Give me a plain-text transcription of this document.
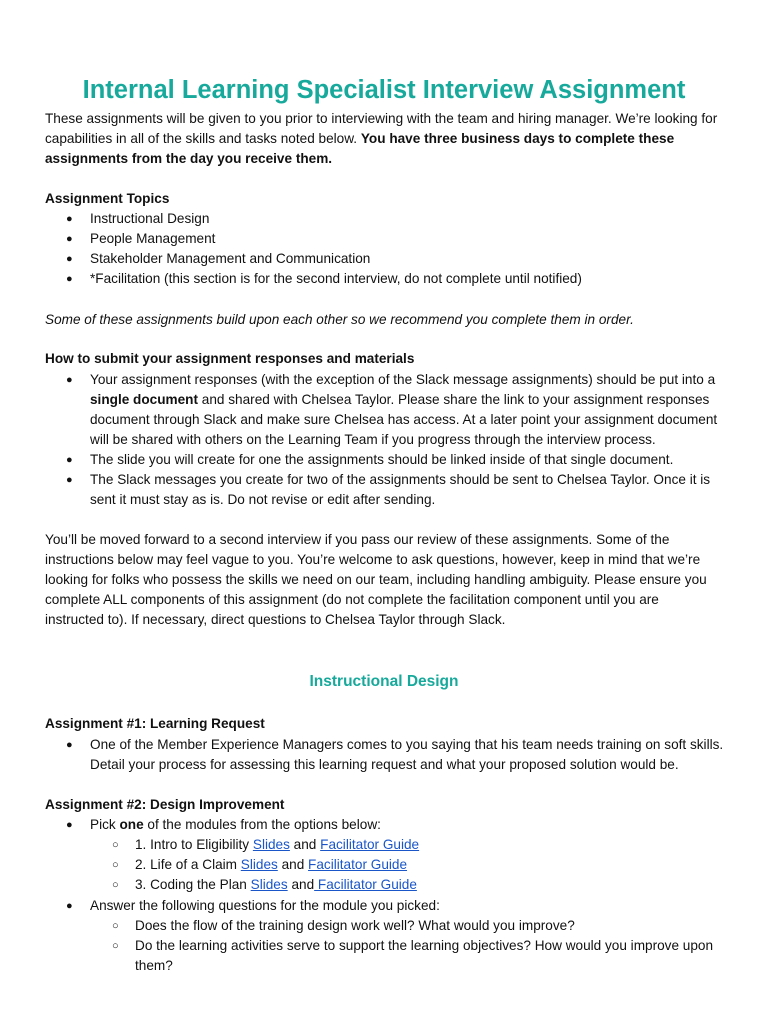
Internal Learning Specialist Interview Assignment
These assignments will be given to you prior to interviewing with the team and hiring manager. We’re looking for
capabilities in all of the skills and tasks noted below. You have three business days to complete these
assignments from the day you receive them.
Assignment Topics
● Instructional Design
● People Management
● Stakeholder Management and Communication
● *Facilitation (this section is for the second interview, do not complete until notified)
Some of these assignments build upon each other so we recommend you complete them in order.
How to submit your assignment responses and materials
● Your assignment responses (with the exception of the Slack message assignments) should be put into a
single document and shared with Chelsea Taylor. Please share the link to your assignment responses
document through Slack and make sure Chelsea has access. At a later point your assignment document
will be shared with others on the Learning Team if you progress through the interview process.
● The slide you will create for one the assignments should be linked inside of that single document.
● The Slack messages you create for two of the assignments should be sent to Chelsea Taylor. Once it is
sent it must stay as is. Do not revise or edit after sending.
You’ll be moved forward to a second interview if you pass our review of these assignments. Some of the
instructions below may feel vague to you. You’re welcome to ask questions, however, keep in mind that we’re
looking for folks who possess the skills we need on our team, including handling ambiguity. Please ensure you
complete ALL components of this assignment (do not complete the facilitation component until you are
instructed to). If necessary, direct questions to Chelsea Taylor through Slack.
Instructional Design
Assignment #1: Learning Request
● One of the Member Experience Managers comes to you saying that his team needs training on soft skills.
Detail your process for assessing this learning request and what your proposed solution would be.
Assignment #2: Design Improvement
● Pick one of the modules from the options below:
○ 1. Intro to Eligibility Slides and Facilitator Guide
○ 2. Life of a Claim Slides and Facilitator Guide
○ 3. Coding the Plan Slides and Facilitator Guide
● Answer the following questions for the module you picked:
○ Does the flow of the training design work well? What would you improve?
○ Do the learning activities serve to support the learning objectives? How would you improve upon
them?
